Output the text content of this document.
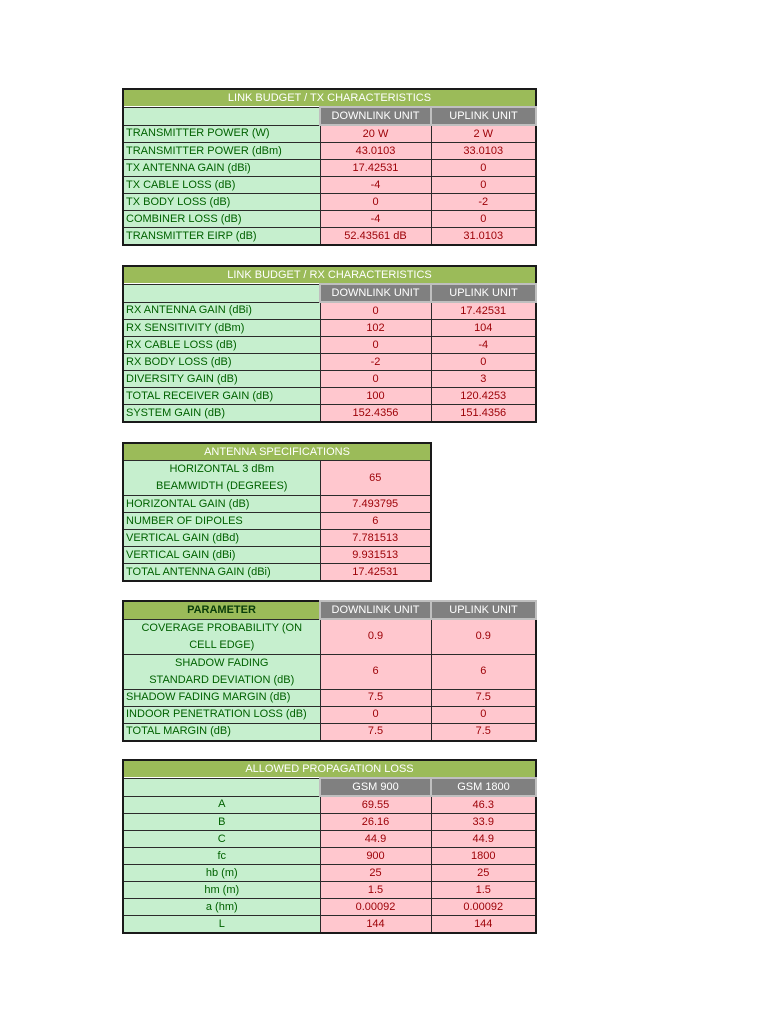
LINK BUDGET / TX CHARACTERISTICS		
	DOWNLINK UNIT	UPLINK UNIT
TRANSMITTER POWER (W)	20 W	2 W
TRANSMITTER POWER (dBm)	43.0103	33.0103
TX ANTENNA GAIN (dBi)	17.42531	0
TX CABLE LOSS (dB)	-4	0
TX BODY LOSS (dB)	0	-2
COMBINER LOSS (dB)	-4	0
TRANSMITTER EIRP (dB)	52.43561 dB	31.0103
LINK BUDGET / RX CHARACTERISTICS		
	DOWNLINK UNIT	UPLINK UNIT
RX ANTENNA GAIN (dBi)	0	17.42531
RX SENSITIVITY (dBm)	102	104
RX CABLE LOSS (dB)	0	-4
RX BODY LOSS (dB)	-2	0
DIVERSITY GAIN (dB)	0	3
TOTAL RECEIVER GAIN (dB)	100	120.4253
SYSTEM GAIN (dB)	152.4356	151.4356
ANTENNA SPECIFICATIONS	
HORIZONTAL 3 dBm BEAMWIDTH (DEGREES)	65
HORIZONTAL GAIN (dB)	7.493795
NUMBER OF DIPOLES	6
VERTICAL GAIN (dBd)	7.781513
VERTICAL GAIN (dBi)	9.931513
TOTAL ANTENNA GAIN (dBi)	17.42531
PARAMETER	DOWNLINK UNIT	UPLINK UNIT
COVERAGE PROBABILITY (ON CELL EDGE)	0.9	0.9
SHADOW FADING STANDARD DEVIATION (dB)	6	6
SHADOW FADING MARGIN (dB)	7.5	7.5
INDOOR PENETRATION LOSS (dB)	0	0
TOTAL MARGIN (dB)	7.5	7.5
ALLOWED PROPAGATION LOSS		
	GSM 900	GSM 1800
A	69.55	46.3
B	26.16	33.9
C	44.9	44.9
fc	900	1800
hb (m)	25	25
hm (m)	1.5	1.5
a (hm)	0.00092	0.00092
L	144	144
